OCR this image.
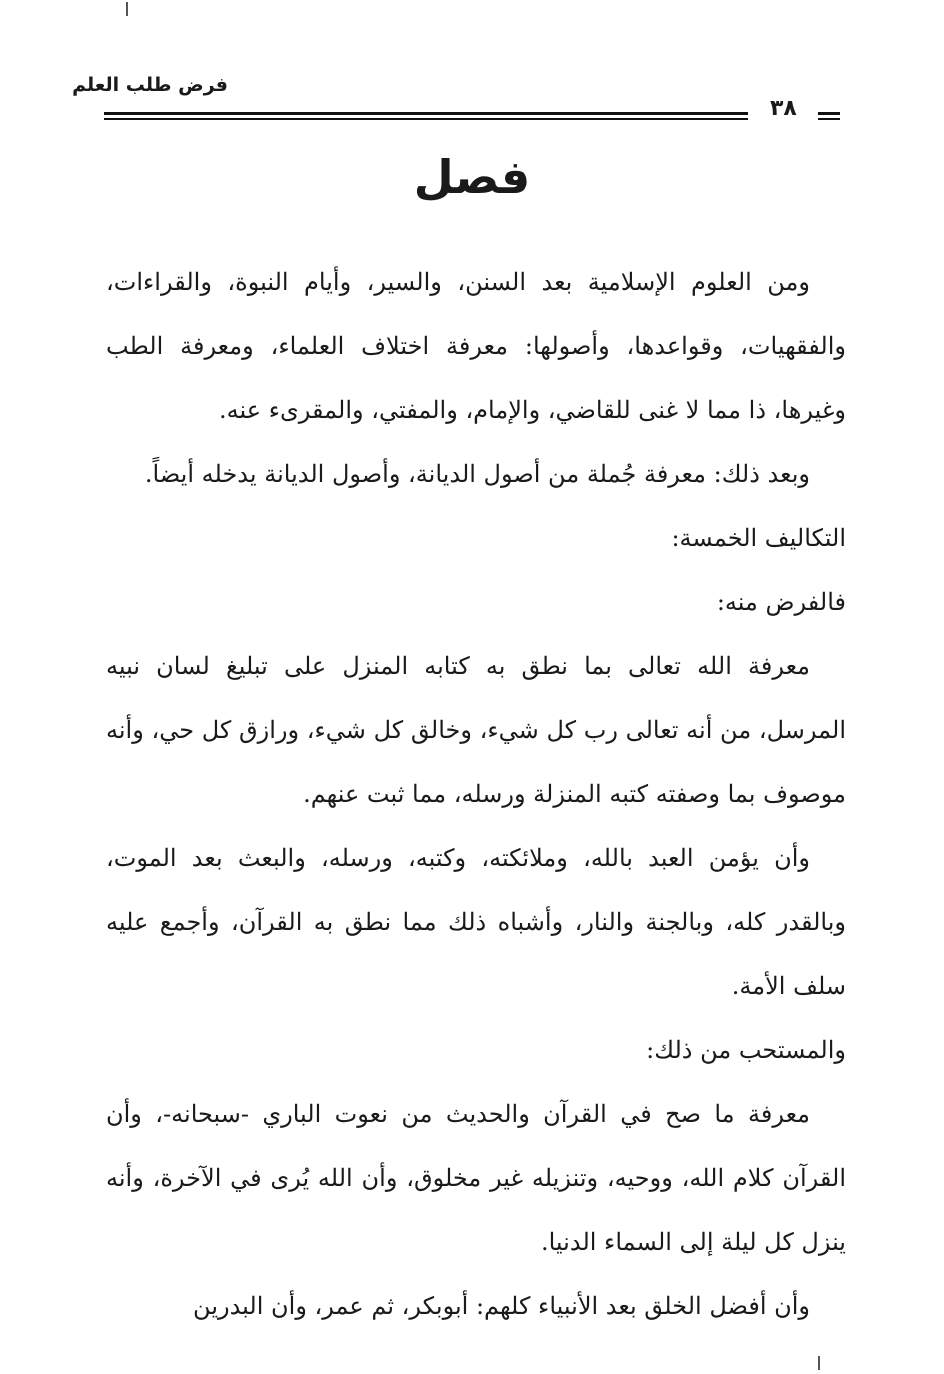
فرض طلب العلم
٣٨
فصل

ومن العلوم الإسلامية بعد السنن، والسير، وأيام النبوة، والقراءات، والفقهيات، وقواعدها، وأصولها: معرفة اختلاف العلماء، ومعرفة الطب وغيرها، ذا مما لا غنى للقاضي، والإمام، والمفتي، والمقرىء عنه.

وبعد ذلك: معرفة جُملة من أصول الديانة، وأصول الديانة يدخله أيضاً.

التكاليف الخمسة:

فالفرض منه:

معرفة الله تعالى بما نطق به كتابه المنزل على تبليغ لسان نبيه المرسل، من أنه تعالى رب كل شيء، وخالق كل شيء، ورازق كل حي، وأنه موصوف بما وصفته كتبه المنزلة ورسله، مما ثبت عنهم.

وأن يؤمن العبد بالله، وملائكته، وكتبه، ورسله، والبعث بعد الموت، وبالقدر كله، وبالجنة والنار، وأشباه ذلك مما نطق به القرآن، وأجمع عليه سلف الأمة.

والمستحب من ذلك:

معرفة ما صح في القرآن والحديث من نعوت الباري -سبحانه-، وأن القرآن كلام الله، ووحيه، وتنزيله غير مخلوق، وأن الله يُرى في الآخرة، وأنه ينزل كل ليلة إلى السماء الدنيا.

وأن أفضل الخلق بعد الأنبياء كلهم: أبوبكر، ثم عمر، وأن البدرين
